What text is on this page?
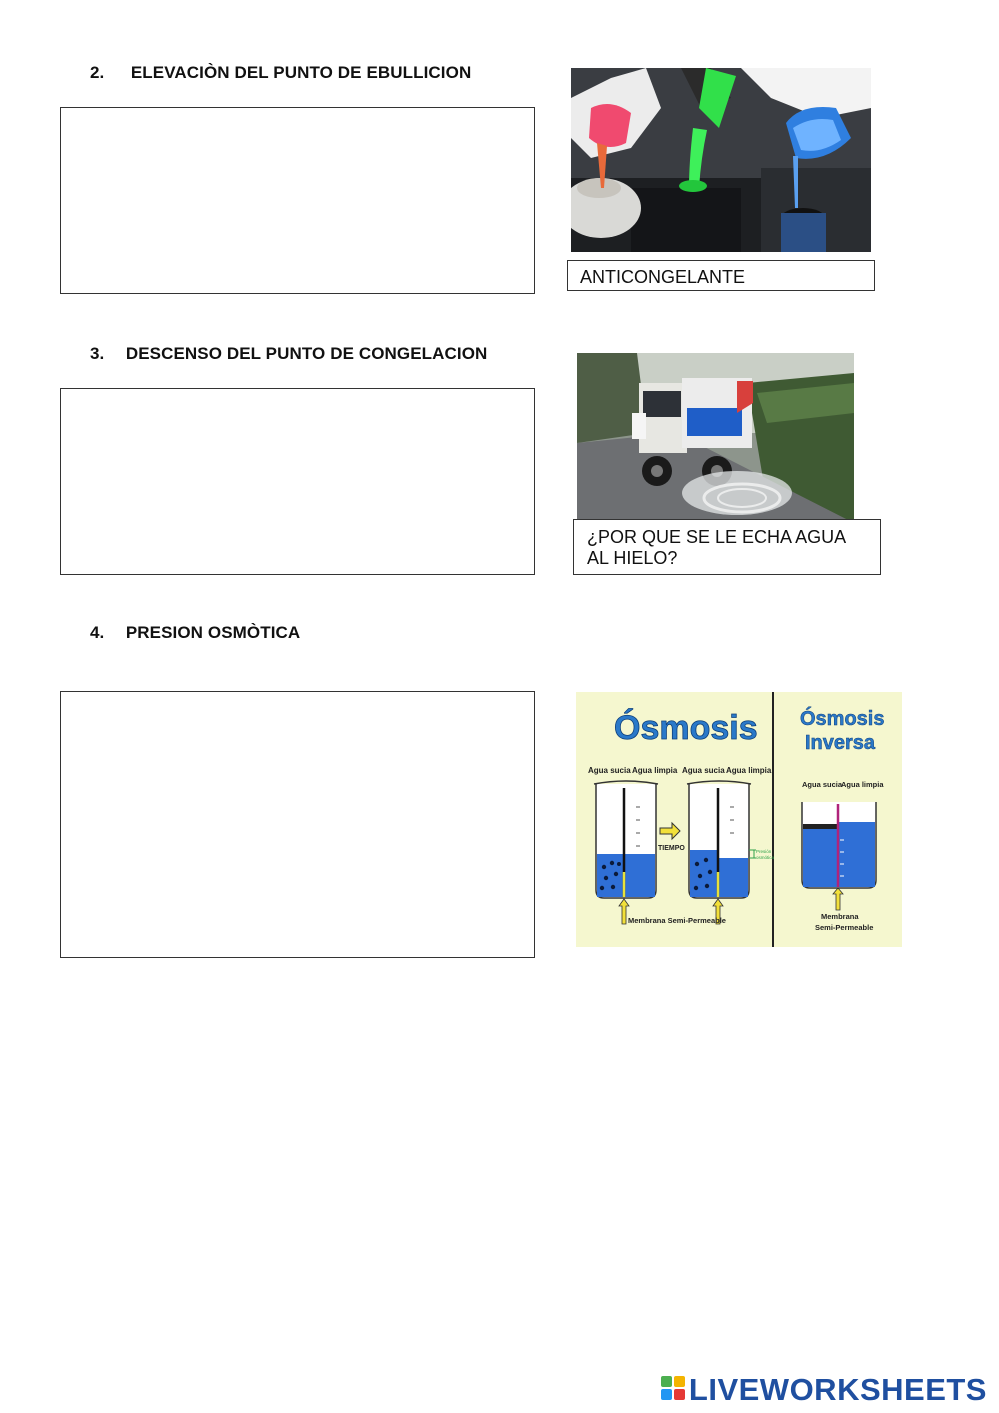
2. ELEVACIÒN DEL PUNTO DE EBULLICION
ANTICONGELANTE
3. DESCENSO DEL PUNTO DE CONGELACION
¿POR QUE SE LE ECHA AGUA AL HIELO?
4. PRESION OSMÒTICA
Ósmosis Ósmosis
Inversa
Agua sucia Agua limpia
TIEMPO
Agua sucia Agua limpia
Presión
osmótica
Membrana Semi-Permeable
Agua sucia
Agua limpia
Membrana
Semi-Permeable
LIVEWORKSHEETS
